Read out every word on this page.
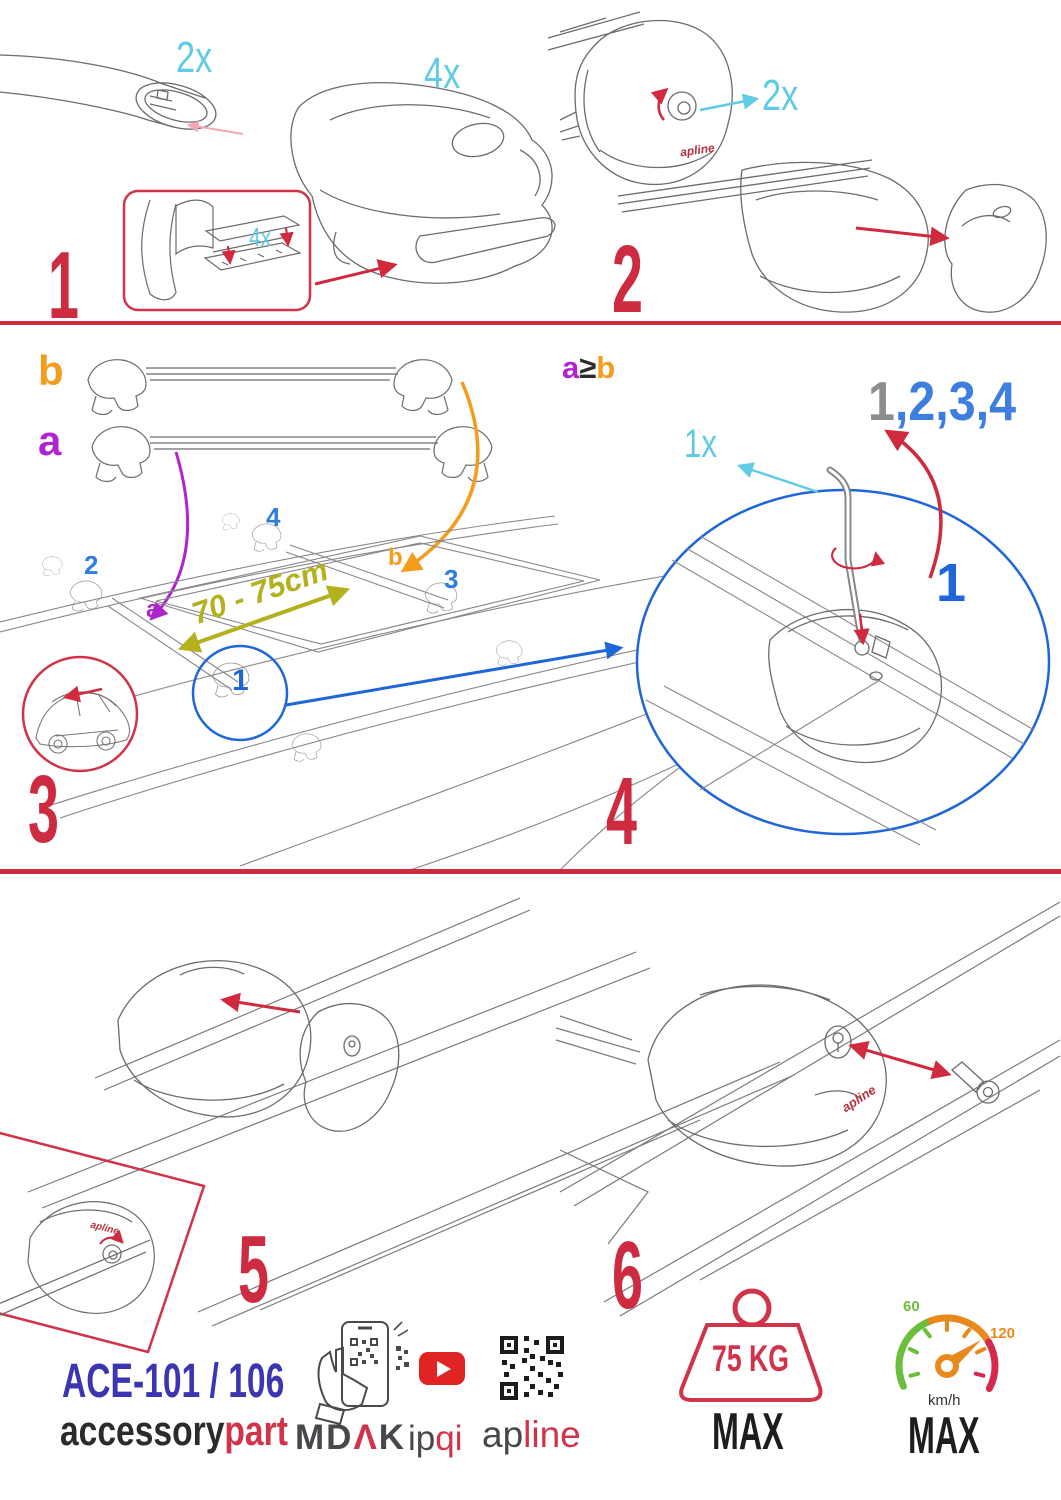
2x	4x
4x
1
2x
apline
2
b
a
2
4
3
1
b
a 70 - 75cm
3
a≥b
1,2,3,4
1x
1
4
apline 5
apline
6
ACE-101 / 106
accessorypart MDΛK ipqi apline
75 KG
MAX
60
120
km/h
MAX
